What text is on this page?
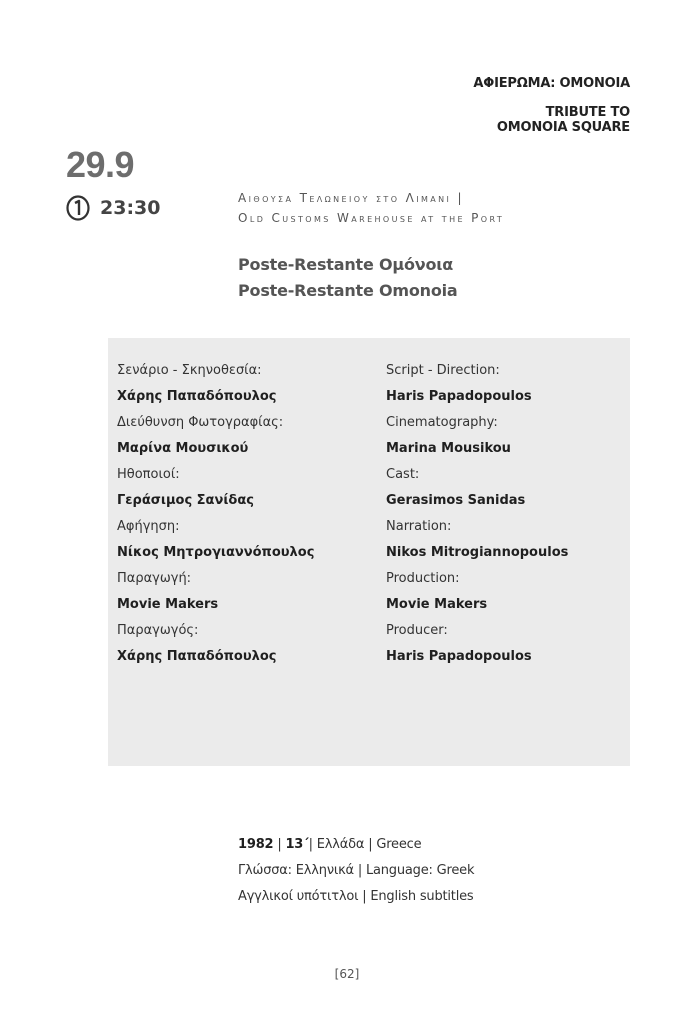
ΑΦΙΕΡΩΜΑ: ΟΜΟΝΟΙΑ
TRIBUTE TO
OMONOIA SQUARE
29.9
23:30	Αιθουσα Τελωνειου στο Λιμανι |
Old Customs Warehouse at the Port
Poste-Restante Ομόνοια
Poste-Restante Omonoia
Σενάριο - Σκηνοθεσία:
Χάρης Παπαδόπουλος
Διεύθυνση Φωτογραφίας:
Μαρίνα Μουσικού
Ηθοποιοί:
Γεράσιμος Σανίδας
Αφήγηση:
Νίκος Μητρογιαννόπουλος
Παραγωγή:
Movie Makers
Παραγωγός:
Χάρης Παπαδόπουλος
Script - Direction:
Haris Papadopoulos
Cinematography:
Marina Mousikou
Cast:
Gerasimos Sanidas
Narration:
Nikos Mitrogiannopoulos
Production:
Movie Makers
Producer:
Haris Papadopoulos
1982 | 13΄| Ελλάδα | Greece
Γλώσσα: Ελληνικά | Language: Greek
Αγγλικοί υπότιτλοι | English subtitles
[62]
